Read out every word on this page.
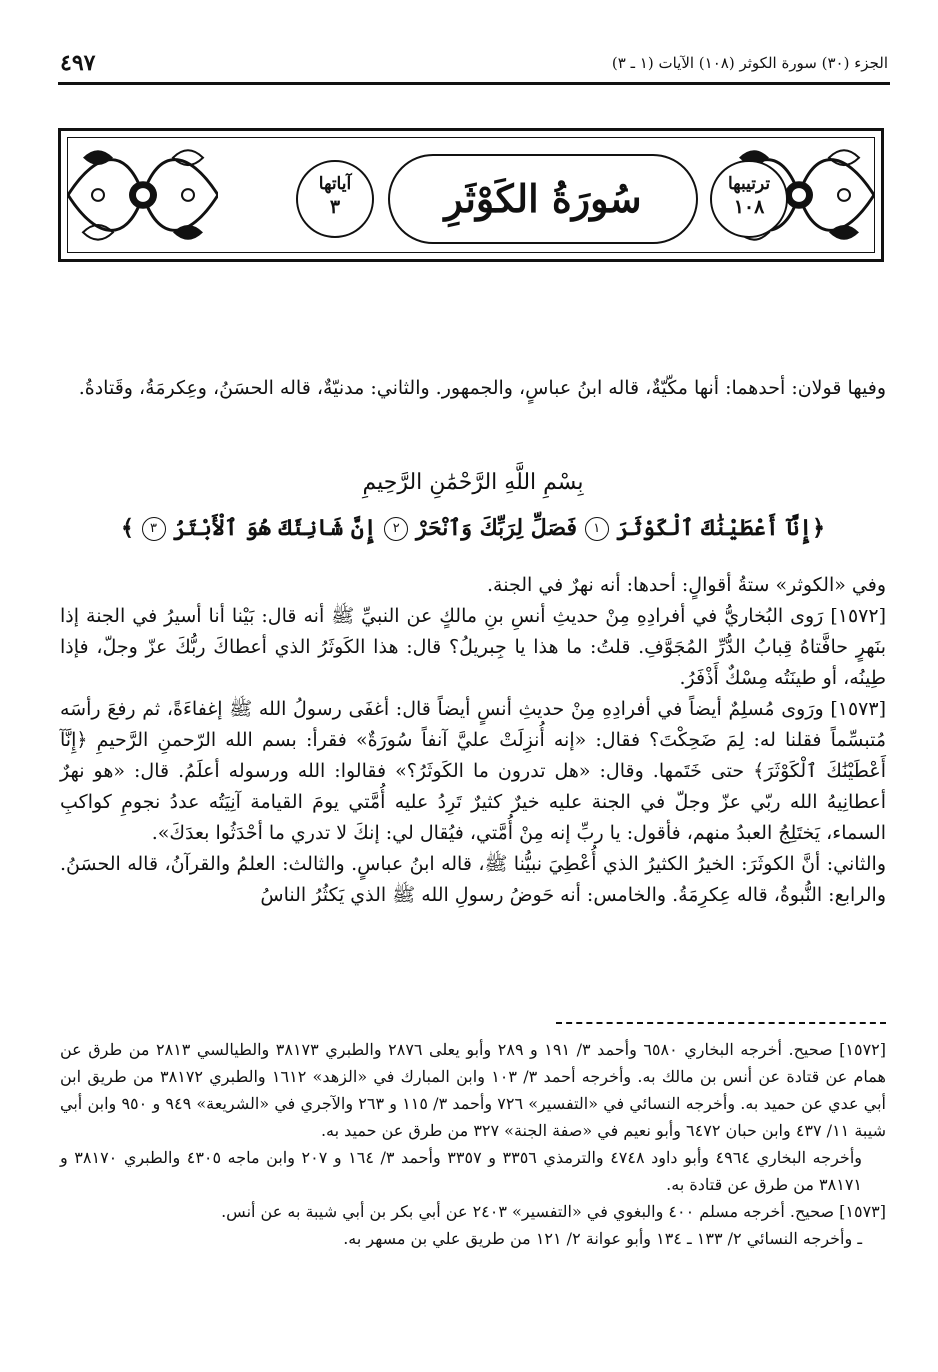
الجزء (٣٠) سورة الكوثر (١٠٨) الآيات (١ ـ ٣)
٤٩٧
آياتها
٣	سُورَةُ الكَوْثَرِ	ترتيبها
١٠٨
وفيها قولان: أحدهما: أنها مكّيّةٌ، قاله ابنُ عباسٍ، والجمهور. والثاني: مدنيّةٌ، قاله الحسَنُ، وعِكرمَةُ، وقَتادةُ.
بِسْمِ اللَّهِ الرَّحْمَٰنِ الرَّحِيمِ
﴿إِنَّآ أَعْطَيْنَٰكَ ٱلْكَوْثَرَ ١ فَصَلِّ لِرَبِّكَ وَٱنْحَرْ ٢ إِنَّ شَانِئَكَ هُوَ ٱلْأَبْتَرُ ٣ ﴾

وفي «الكوثر» ستةُ أقوالٍ: أحدها: أنه نهرٌ في الجنة.

[١٥٧٢] رَوى البُخاريُّ في أفرادِهِ مِنْ حديثِ أنسِ بنِ مالكٍ عن النبيِّ ﷺ أنه قال: بَيْنا أنا أسيرُ في الجنة إذا بنَهرٍ حافَّتاهُ قِبابُ الدُّرِّ المُجَوَّفِ. قلتُ: ما هذا يا جِبريلُ؟ قال: هذا الكَوثَرُ الذي أعطاكَ ربُّكَ عزّ وجلّ، فإذا طِينُه، أو طينَتُه مِسْكٌ أَذْفَرُ.

[١٥٧٣] ورَوى مُسلِمٌ أيضاً في أفرادِهِ مِنْ حديثِ أنسٍ أيضاً قال: أغفَى رسولُ الله ﷺ إغفاءَةً، ثم رفعَ رأسَه مُتبسِّماً فقلنا له: لِمَ ضَحِكْتَ؟ فقال: «إنه أُنزِلَتْ عليَّ آنفاً سُورَةٌ» فقرأ: بسم الله الرّحمنِ الرَّحيمِ ﴿إِنَّآ أَعْطَيْنَٰكَ ٱلْكَوْثَرَ﴾ حتى خَتَمها. وقال: «هل تدرون ما الكَوثَرُ؟» فقالوا: الله ورسوله أعلَمُ. قال: «هو نهرٌ أعطانِيهُ الله ربّي عزّ وجلّ في الجنة عليه خيرٌ كثيرٌ تَرِدُ عليه أُمَّتي يومَ القيامة آنِيَتُه عددُ نجومِ كواكبِ السماء، يَختَلِجُ العبدُ منهم، فأقول: يا ربِّ إنه مِنْ أُمَّتي، فيُقال لي: إنكَ لا تدري ما أحْدَثُوا بعدَكَ».

والثاني: أنَّ الكوثَرَ: الخيرُ الكثيرُ الذي أُعْطِيَ نبيُّنا ﷺ، قاله ابنُ عباسٍ. والثالث: العلمُ والقرآنُ، قاله الحسَنُ. والرابع: النُّبوةُ، قاله عِكرِمَةُ. والخامس: أنه حَوضُ رسولِ الله ﷺ الذي يَكثُرُ الناسُ

[١٥٧٢] صحيح. أخرجه البخاري ٦٥٨٠ وأحمد ٣/ ١٩١ و ٢٨٩ وأبو يعلى ٢٨٧٦ والطبري ٣٨١٧٣ والطيالسي ٢٨١٣ من طرق عن همام عن قتادة عن أنس بن مالك به. وأخرجه أحمد ٣/ ١٠٣ وابن المبارك في «الزهد» ١٦١٢ والطبري ٣٨١٧٢ من طريق ابن أبي عدي عن حميد به. وأخرجه النسائي في «التفسير» ٧٢٦ وأحمد ٣/ ١١٥ و ٢٦٣ والآجري في «الشريعة» ٩٤٩ و ٩٥٠ وابن أبي شيبة ١١/ ٤٣٧ وابن حبان ٦٤٧٢ وأبو نعيم في «صفة الجنة» ٣٢٧ من طرق عن حميد به.

وأخرجه البخاري ٤٩٦٤ وأبو داود ٤٧٤٨ والترمذي ٣٣٥٦ و ٣٣٥٧ وأحمد ٣/ ١٦٤ و ٢٠٧ وابن ماجه ٤٣٠٥ والطبري ٣٨١٧٠ و ٣٨١٧١ من طرق عن قتادة به.

[١٥٧٣] صحيح. أخرجه مسلم ٤٠٠ والبغوي في «التفسير» ٢٤٠٣ عن أبي بكر بن أبي شيبة به عن أنس.

ـ وأخرجه النسائي ٢/ ١٣٣ ـ ١٣٤ وأبو عوانة ٢/ ١٢١ من طريق علي بن مسهر به.
